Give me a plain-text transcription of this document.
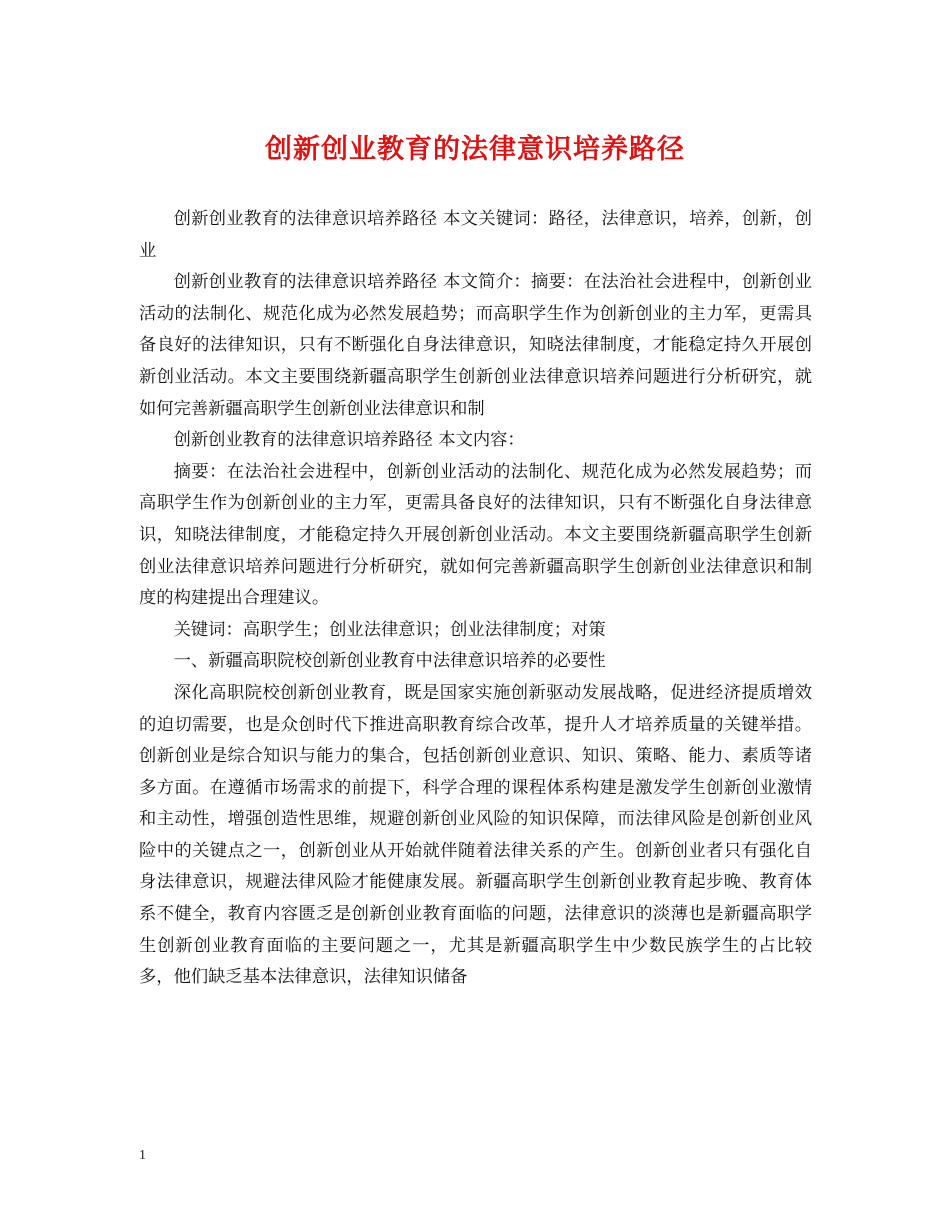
创新创业教育的法律意识培养路径

创新创业教育的法律意识培养路径 本文关键词：路径，法律意识，培养，创新，创业

创新创业教育的法律意识培养路径 本文简介：摘要：在法治社会进程中，创新创业活动的法制化、规范化成为必然发展趋势；而高职学生作为创新创业的主力军，更需具备良好的法律知识，只有不断强化自身法律意识，知晓法律制度，才能稳定持久开展创新创业活动。本文主要围绕新疆高职学生创新创业法律意识培养问题进行分析研究，就如何完善新疆高职学生创新创业法律意识和制

创新创业教育的法律意识培养路径 本文内容：

摘要：在法治社会进程中，创新创业活动的法制化、规范化成为必然发展趋势；而高职学生作为创新创业的主力军，更需具备良好的法律知识，只有不断强化自身法律意识，知晓法律制度，才能稳定持久开展创新创业活动。本文主要围绕新疆高职学生创新创业法律意识培养问题进行分析研究，就如何完善新疆高职学生创新创业法律意识和制度的构建提出合理建议。

关键词：高职学生；创业法律意识；创业法律制度；对策

一、新疆高职院校创新创业教育中法律意识培养的必要性

深化高职院校创新创业教育，既是国家实施创新驱动发展战略，促进经济提质增效的迫切需要，也是众创时代下推进高职教育综合改革，提升人才培养质量的关键举措。创新创业是综合知识与能力的集合，包括创新创业意识、知识、策略、能力、素质等诸多方面。在遵循市场需求的前提下，科学合理的课程体系构建是激发学生创新创业激情和主动性，增强创造性思维，规避创新创业风险的知识保障，而法律风险是创新创业风险中的关键点之一，创新创业从开始就伴随着法律关系的产生。创新创业者只有强化自身法律意识，规避法律风险才能健康发展。新疆高职学生创新创业教育起步晚、教育体系不健全，教育内容匮乏是创新创业教育面临的问题，法律意识的淡薄也是新疆高职学生创新创业教育面临的主要问题之一，尤其是新疆高职学生中少数民族学生的占比较多，他们缺乏基本法律意识，法律知识储备

1
